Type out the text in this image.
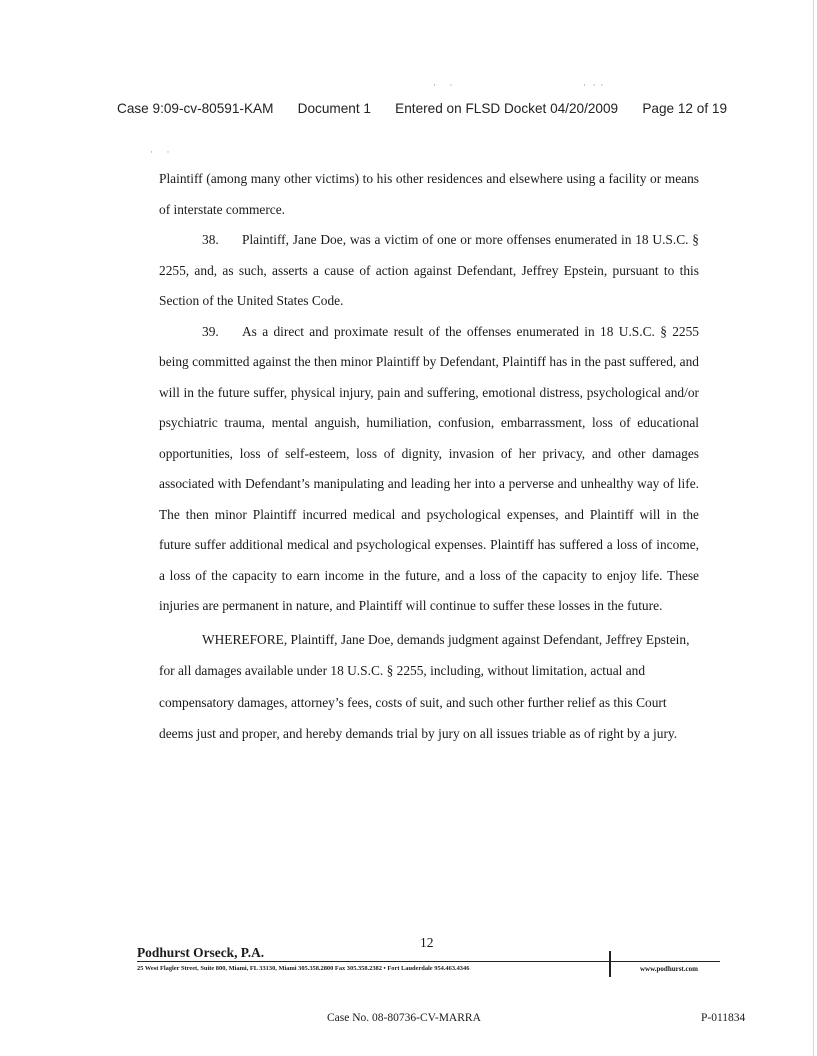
·      ·	·   ·  ·
·      ·
Case 9:09-cv-80591-KAM Document 1 Entered on FLSD Docket 04/20/2009 Page 12 of 19

Plaintiff (among many other victims) to his other residences and elsewhere using a facility or means of interstate commerce.

38. Plaintiff, Jane Doe, was a victim of one or more offenses enumerated in 18 U.S.C. § 2255, and, as such, asserts a cause of action against Defendant, Jeffrey Epstein, pursuant to this Section of the United States Code.

39. As a direct and proximate result of the offenses enumerated in 18 U.S.C. § 2255 being committed against the then minor Plaintiff by Defendant, Plaintiff has in the past suffered, and will in the future suffer, physical injury, pain and suffering, emotional distress, psychological and/or psychiatric trauma, mental anguish, humiliation, confusion, embarrassment, loss of educational opportunities, loss of self-esteem, loss of dignity, invasion of her privacy, and other damages associated with Defendant’s manipulating and leading her into a perverse and unhealthy way of life. The then minor Plaintiff incurred medical and psychological expenses, and Plaintiff will in the future suffer additional medical and psychological expenses. Plaintiff has suffered a loss of income, a loss of the capacity to earn income in the future, and a loss of the capacity to enjoy life. These injuries are permanent in nature, and Plaintiff will continue to suffer these losses in the future.

WHEREFORE, Plaintiff, Jane Doe, demands judgment against Defendant, Jeffrey Epstein, for all damages available under 18 U.S.C. § 2255, including, without limitation, actual and compensatory damages, attorney’s fees, costs of suit, and such other further relief as this Court deems just and proper, and hereby demands trial by jury on all issues triable as of right by a jury.

12
Podhurst Orseck, P.A.
25 West Flagler Street, Suite 800, Miami, FL 33130, Miami 305.358.2800 Fax 305.358.2382 • Fort Lauderdale 954.463.4346	www.podhurst.com
Case No. 08-80736-CV-MARRA	P-011834
